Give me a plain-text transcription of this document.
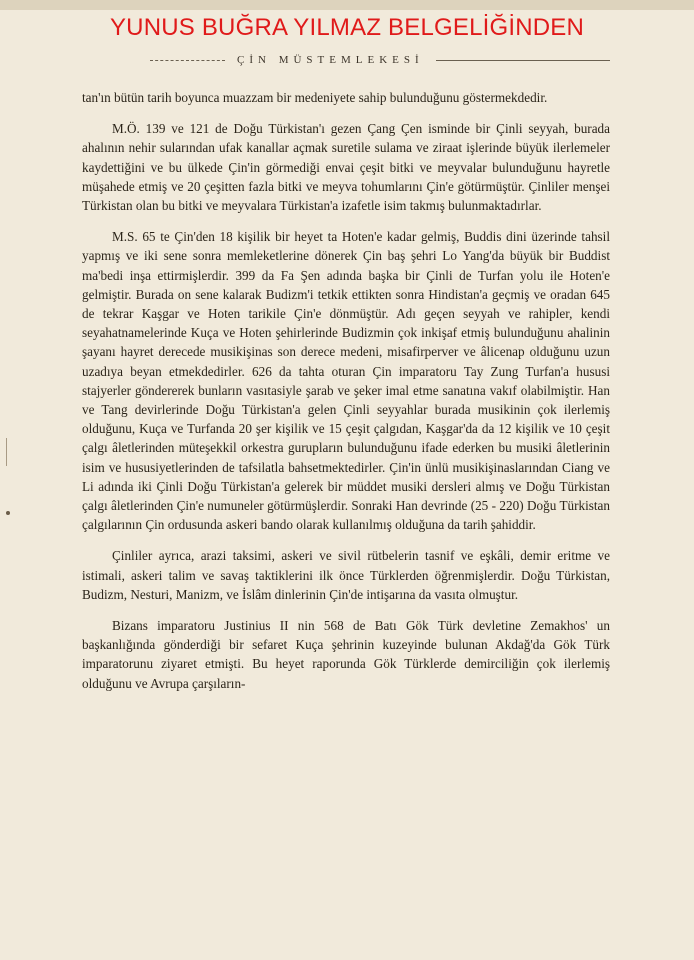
YUNUS BUĞRA YILMAZ BELGELİĞİNDEN
ÇİN MÜSTEMLEKESİ

tan'ın bütün tarih boyunca muazzam bir medeniyete sahip bulunduğunu göstermekdedir.

M.Ö. 139 ve 121 de Doğu Türkistan'ı gezen Çang Çen isminde bir Çinli seyyah, burada ahalının nehir sularından ufak kanallar açmak suretile sulama ve ziraat işlerinde büyük ilerlemeler kaydettiğini ve bu ülkede Çin'in görmediği envai çeşit bitki ve meyvalar bulunduğunu hayretle müşahede etmiş ve 20 çeşitten fazla bitki ve meyva tohumlarını Çin'e götürmüştür. Çinliler menşei Türkistan olan bu bitki ve meyvalara Türkistan'a izafetle isim takmış bulunmaktadırlar.

M.S. 65 te Çin'den 18 kişilik bir heyet ta Hoten'e kadar gelmiş, Buddis dini üzerinde tahsil yapmış ve iki sene sonra memleketlerine dönerek Çin baş şehri Lo Yang'da büyük bir Buddist ma'bedi inşa ettirmişlerdir. 399 da Fa Şen adında başka bir Çinli de Turfan yolu ile Hoten'e gelmiştir. Burada on sene kalarak Budizm'i tetkik ettikten sonra Hindistan'a geçmiş ve oradan 645 de tekrar Kaşgar ve Hoten tarikile Çin'e dönmüştür. Adı geçen seyyah ve rahipler, kendi seyahatnamelerinde Kuça ve Hoten şehirlerinde Budizmin çok inkişaf etmiş bulunduğunu ahalinin şayanı hayret derecede musikişinas son derece medeni, misafirperver ve âlicenap olduğunu uzun uzadıya beyan etmekdedirler. 626 da tahta oturan Çin imparatoru Tay Zung Turfan'a hususi stajyerler göndererek bunların vasıtasiyle şarab ve şeker imal etme sanatına vakıf olabilmiştir. Han ve Tang devirlerinde Doğu Türkistan'a gelen Çinli seyyahlar burada musikinin çok ilerlemiş olduğunu, Kuça ve Turfanda 20 şer kişilik ve 15 çeşit çalgıdan, Kaşgar'da da 12 kişilik ve 10 çeşit çalgı âletlerinden müteşekkil orkestra gurupların bulunduğunu ifade ederken bu musiki âletlerinin isim ve hususiyetlerinden de tafsilatla bahsetmektedirler. Çin'in ünlü musikişinaslarından Ciang ve Li adında iki Çinli Doğu Türkistan'a gelerek bir müddet musiki dersleri almış ve Doğu Türkistan çalgı âletlerinden Çin'e numuneler götürmüşlerdir. Sonraki Han devrinde (25 - 220) Doğu Türkistan çalgılarının Çin ordusunda askeri bando olarak kullanılmış olduğuna da tarih şahiddir.

Çinliler ayrıca, arazi taksimi, askeri ve sivil rütbelerin tasnif ve eşkâli, demir eritme ve istimali, askeri talim ve savaş taktiklerini ilk önce Türklerden öğrenmişlerdir. Doğu Türkistan, Budizm, Nesturi, Manizm, ve İslâm dinlerinin Çin'de intişarına da vasıta olmuştur.

Bizans imparatoru Justinius II nin 568 de Batı Gök Türk devletine Zemakhos' un başkanlığında gönderdiği bir sefaret Kuça şehrinin kuzeyinde bulunan Akdağ'da Gök Türk imparatorunu ziyaret etmişti. Bu heyet raporunda Gök Türklerde demirciliğin çok ilerlemiş olduğunu ve Avrupa çarşıların-
